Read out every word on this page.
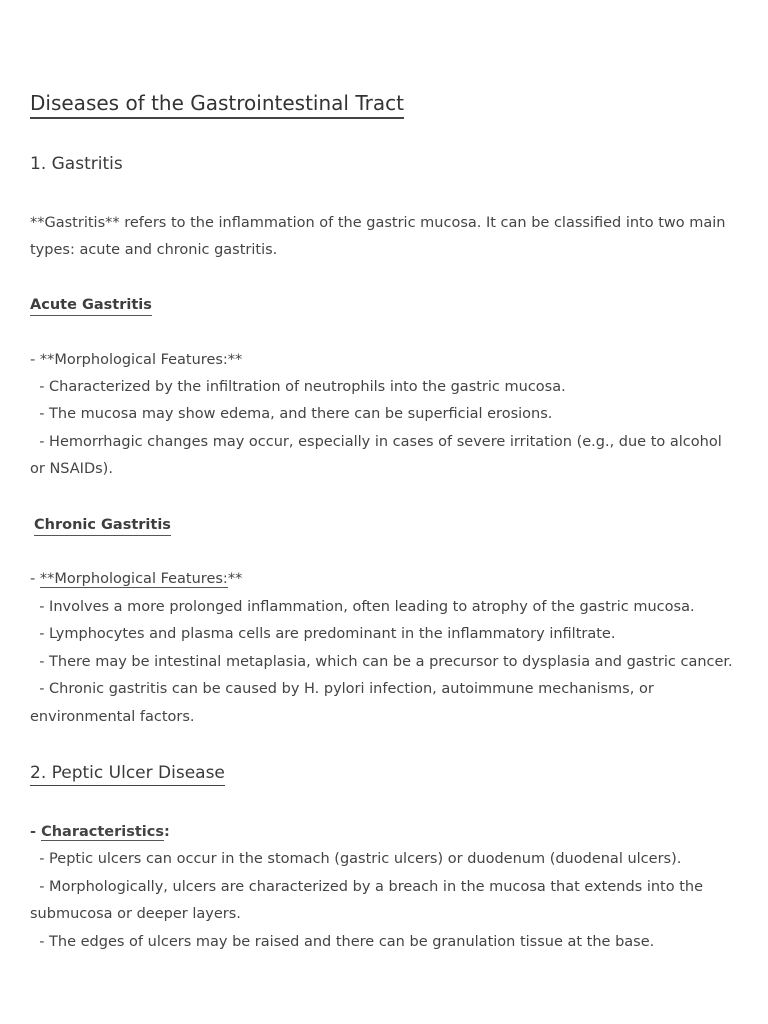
Diseases of the Gastrointestinal Tract
1. Gastritis
**Gastritis** refers to the inflammation of the gastric mucosa. It can be classified into two main
types: acute and chronic gastritis.
Acute Gastritis
- **Morphological Features:**
- Characterized by the infiltration of neutrophils into the gastric mucosa.
- The mucosa may show edema, and there can be superficial erosions.
- Hemorrhagic changes may occur, especially in cases of severe irritation (e.g., due to alcohol
or NSAIDs).
Chronic Gastritis
- **Morphological Features:**
- Involves a more prolonged inflammation, often leading to atrophy of the gastric mucosa.
- Lymphocytes and plasma cells are predominant in the inflammatory infiltrate.
- There may be intestinal metaplasia, which can be a precursor to dysplasia and gastric cancer.
- Chronic gastritis can be caused by H. pylori infection, autoimmune mechanisms, or
environmental factors.
2. Peptic Ulcer Disease
- Characteristics:
- Peptic ulcers can occur in the stomach (gastric ulcers) or duodenum (duodenal ulcers).
- Morphologically, ulcers are characterized by a breach in the mucosa that extends into the
submucosa or deeper layers.
- The edges of ulcers may be raised and there can be granulation tissue at the base.
